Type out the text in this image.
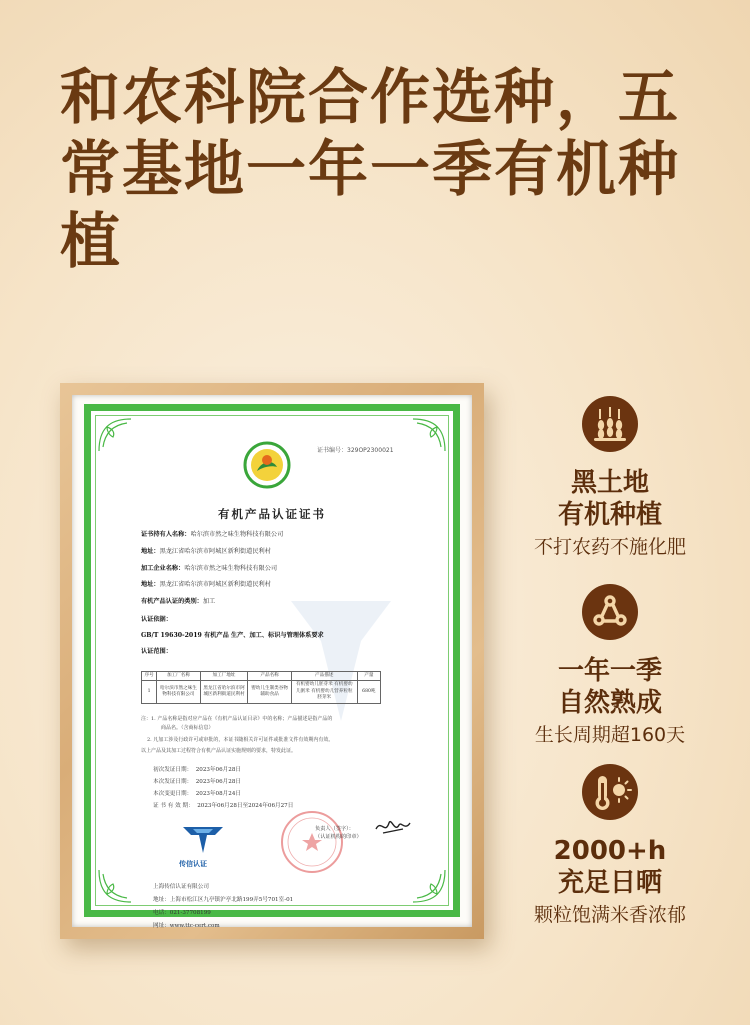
和农科院合作选种，五常基地一年一季有机种植
证书编号：329OP2300021
有机产品认证证书
证书持有人名称：哈尔滨市然之味生物科技有限公司
地址：黑龙江省哈尔滨市阿城区新利街道民利村
加工企业名称：哈尔滨市然之味生物科技有限公司
地址：黑龙江省哈尔滨市阿城区新利街道民利村
有机产品认证的类别：加工
认证依据：
GB/T 19630-2019 有机产品 生产、加工、标识与管理体系要求
认证范围：
序号	加工厂名称	加工厂地址	产品名称	产品描述	产量
1	哈尔滨市然之味生物科技有限公司	黑龙江省哈尔滨市阿城区新利街道民利村	婴幼儿生制类谷物辅助食品	有机婴幼儿胚芽米 有机婴幼儿粥米 有机婴幼儿营养粒粒胚芽米	680吨
注：1. 产品名称是指对应产品在《有机产品认证目录》中的名称；产品描述是指产品的
商品名。（含商标信息）
2. 凡加工涉及行政许可或审批的，本证书随相关许可证件或批准文件有效期内有效。
以上产品及其加工过程符合有机产品认证实施规则的要求，特发此证。
初次发证日期：  2023年06月28日
本次发证日期：  2023年06月28日
本次变更日期：  2023年08月24日
证 书 有 效 期：  2023年06月28日至2024年06月27日
传信认证
负责人（签字）：
（认证机构的印章）
上海传信认证有限公司
地址：上海市松江区九亭镇沪亭北路199弄5号701室-01
电话：021-37708199
网址：www.ttc-cert.com
黑土地
有机种植
不打农药不施化肥
一年一季
自然熟成
生长周期超160天
2000+h
充足日晒
颗粒饱满米香浓郁
